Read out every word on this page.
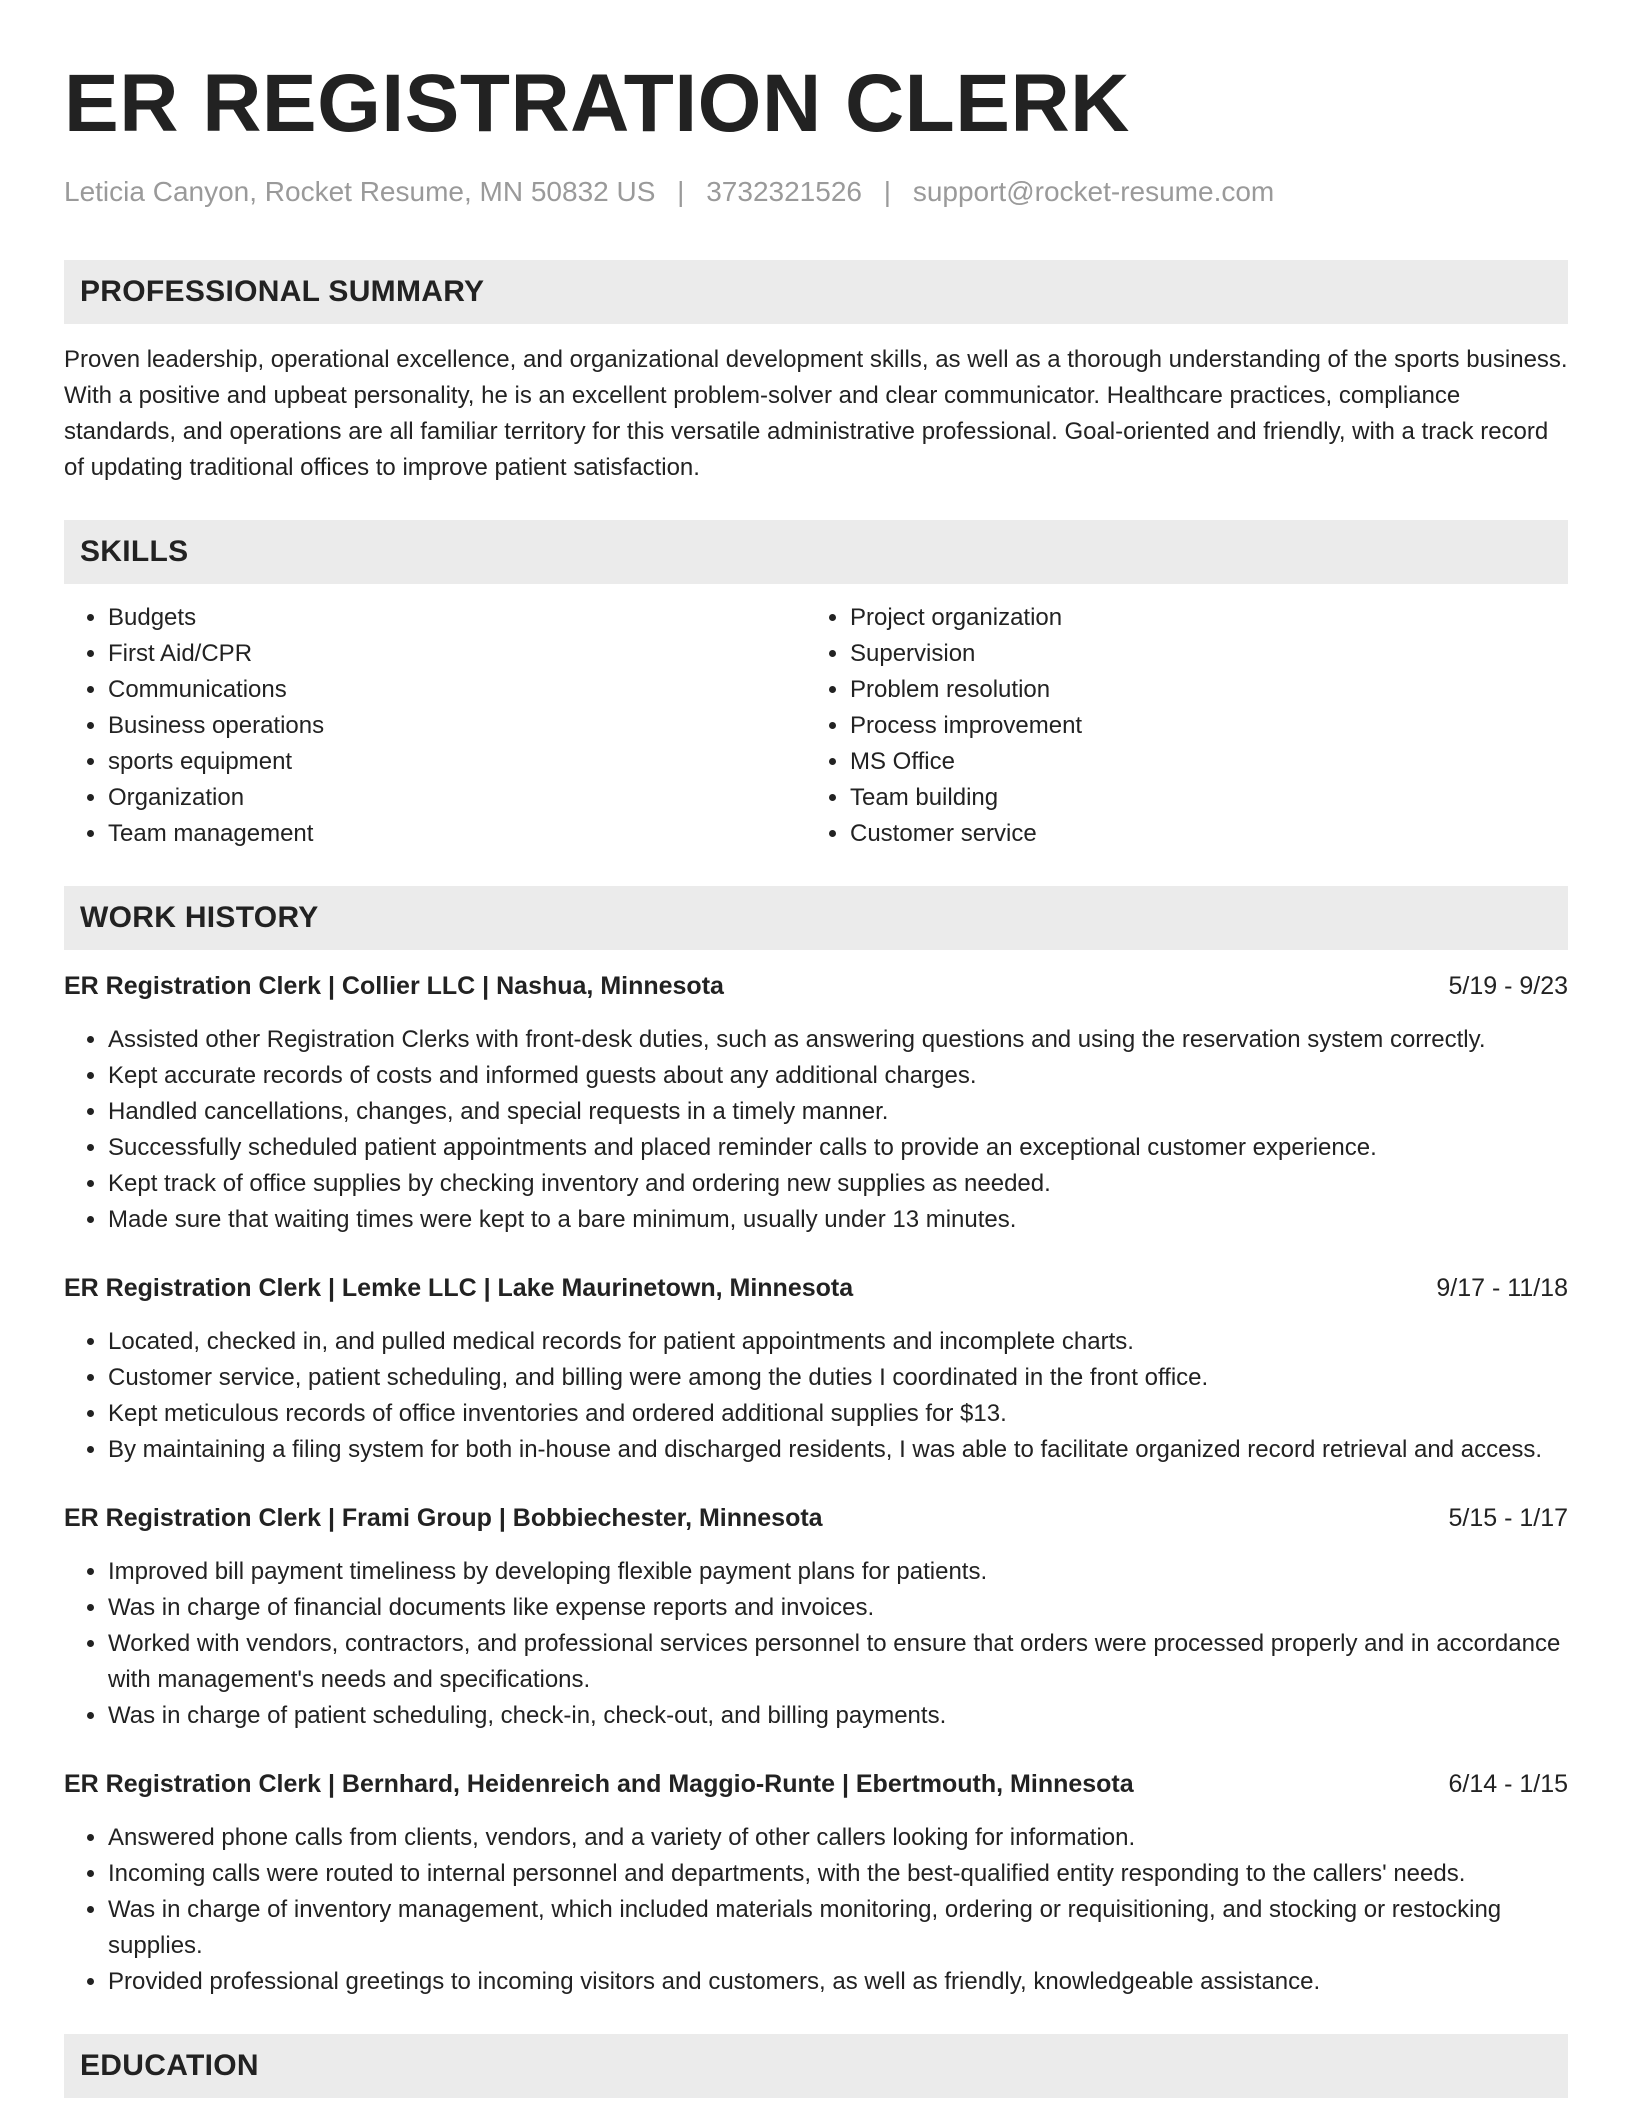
ER REGISTRATION CLERK
Leticia Canyon, Rocket Resume, MN 50832 US | 3732321526 | support@rocket-resume.com
PROFESSIONAL SUMMARY

Proven leadership, operational excellence, and organizational development skills, as well as a thorough understanding of the sports business. With a positive and upbeat personality, he is an excellent problem-solver and clear communicator. Healthcare practices, compliance standards, and operations are all familiar territory for this versatile administrative professional. Goal-oriented and friendly, with a track record of updating traditional offices to improve patient satisfaction.

SKILLS
• Budgets
• First Aid/CPR
• Communications
• Business operations
• sports equipment
• Organization
• Team management
• Project organization
• Supervision
• Problem resolution
• Process improvement
• MS Office
• Team building
• Customer service
WORK HISTORY
ER Registration Clerk | Collier LLC | Nashua, Minnesota	5/19 - 9/23
• Assisted other Registration Clerks with front-desk duties, such as answering questions and using the reservation system correctly.
• Kept accurate records of costs and informed guests about any additional charges.
• Handled cancellations, changes, and special requests in a timely manner.
• Successfully scheduled patient appointments and placed reminder calls to provide an exceptional customer experience.
• Kept track of office supplies by checking inventory and ordering new supplies as needed.
• Made sure that waiting times were kept to a bare minimum, usually under 13 minutes.
ER Registration Clerk | Lemke LLC | Lake Maurinetown, Minnesota	9/17 - 11/18
• Located, checked in, and pulled medical records for patient appointments and incomplete charts.
• Customer service, patient scheduling, and billing were among the duties I coordinated in the front office.
• Kept meticulous records of office inventories and ordered additional supplies for $13.
• By maintaining a filing system for both in-house and discharged residents, I was able to facilitate organized record retrieval and access.
ER Registration Clerk | Frami Group | Bobbiechester, Minnesota	5/15 - 1/17
• Improved bill payment timeliness by developing flexible payment plans for patients.
• Was in charge of financial documents like expense reports and invoices.
• Worked with vendors, contractors, and professional services personnel to ensure that orders were processed properly and in accordance with management's needs and specifications.
• Was in charge of patient scheduling, check-in, check-out, and billing payments.
ER Registration Clerk | Bernhard, Heidenreich and Maggio-Runte | Ebertmouth, Minnesota	6/14 - 1/15
• Answered phone calls from clients, vendors, and a variety of other callers looking for information.
• Incoming calls were routed to internal personnel and departments, with the best-qualified entity responding to the callers' needs.
• Was in charge of inventory management, which included materials monitoring, ordering or requisitioning, and stocking or restocking supplies.
• Provided professional greetings to incoming visitors and customers, as well as friendly, knowledgeable assistance.
EDUCATION
